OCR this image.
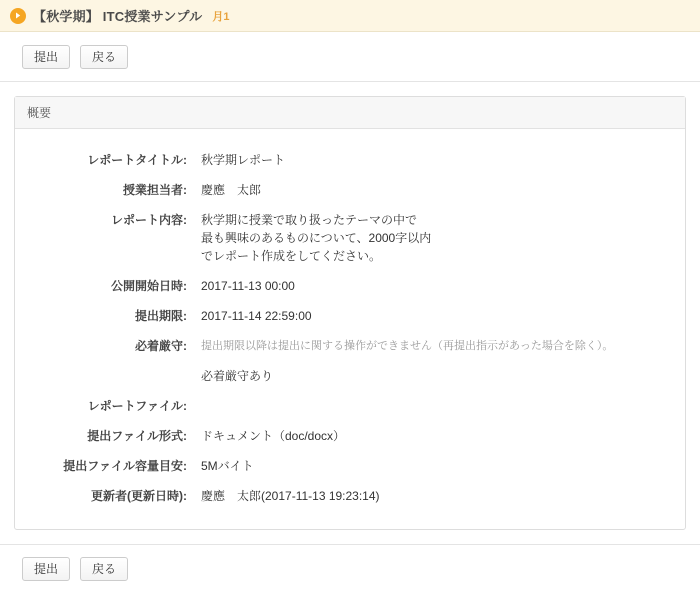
【秋学期】 ITC授業サンプル 月1
提出	戻る
概要
レポートタイトル:	秋学期レポート
授業担当者:	慶應　太郎
レポート内容:	秋学期に授業で取り扱ったテーマの中で
最も興味のあるものについて、2000字以内
でレポート作成をしてください。
公開開始日時:	2017-11-13 00:00
提出期限:	2017-11-14 22:59:00
必着厳守:	提出期限以降は提出に関する操作ができません（再提出指示があった場合を除く）。
必着厳守あり
レポートファイル:
提出ファイル形式:	ドキュメント（doc/docx）
提出ファイル容量目安:	5Mバイト
更新者(更新日時):	慶應　太郎(2017-11-13 19:23:14)
提出	戻る
